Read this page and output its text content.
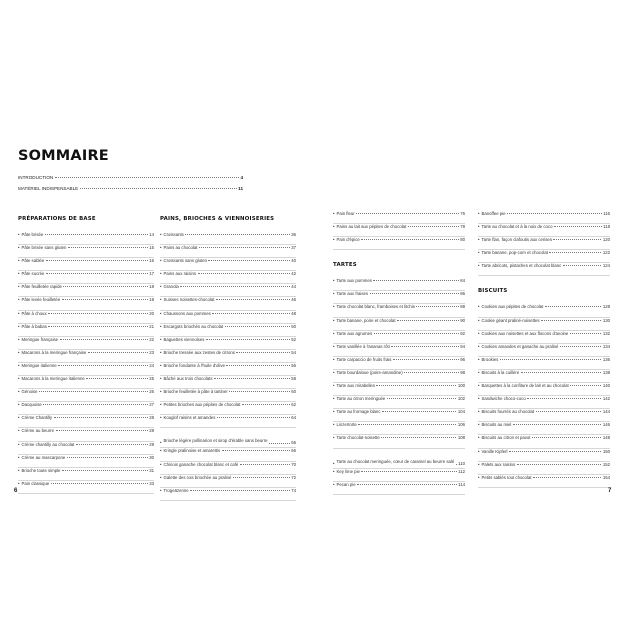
SOMMAIRE
INTRODUCTION	4
MATÉRIEL INDISPENSABLE	11
PRÉPARATIONS DE BASE
• Pâte brisée	14
• Pâte brisée sans gluten	15
• Pâte sablée	16
• Pâte sucrée	17
• Pâte feuilletée rapide	18
• Pâte levée feuilletée	19
• Pâte à choux	20
• Pâte à babas	21
• Meringue française	22
• Macarons à la meringue française	23
• Meringue italienne	24
• Macarons à la meringue italienne	25
• Génoise	26
• Dacquoise	27
• Crème Chantilly	28
• Crème au beurre	28
• Crème chantilly au chocolat	29
• Crème au mascarpone	30
• Brioche toute simple	31
• Pain classique	33
PAINS, BRIOCHES & VIENNOISERIES
• Croissants	36
• Pains au chocolat	37
• Croissants sans gluten	40
• Pains aux raisins	42
• Granola	44
• Suisses noisettes-chocolat	46
• Chaussons aux pommes	48
• Escargots briochés au chocolat	50
• Baguettes viennoises	52
• Brioche tressée aux zestes de citrons	54
• Brioche fondante à l'huile d'olive	56
• Bâché aux trois chocolats	58
• Brioche feuilletée à pâte à tartiner	60
• Petites brioches aux pépites de chocolat	62
• Kouglof raisins et amandes	64
• Brioche légère pollinarion et sirop d'érable sans beurre	65
• Kringle pralinoise et amarettis	66
• Chinois ganache chocolat blanc et café	70
• Galette des rois briochée au praliné	72
• Trogeäzenne	74
• Pain fleur	76
• Pains au lait aux pépites de chocolat	78
• Pain d'épice	80
TARTES
• Tarte aux pommes	84
• Tarte aux fraises	86
• Tarte chocolat blanc, framboises et litchis	88
• Tarte banane, poire et chocolat	90
• Tarte aux agrumes	92
• Tarte vanillée à l'ananas rôti	94
• Tarte carpaccio de fruits frais	96
• Tarte bourdaloue (poire-amandine)	98
• Tarte aux mirabelles	100
• Tarte au citron meringuée	102
• Tarte au fromage blanc	104
• Linzertorte	106
• Tarte chocolat-noisette	108
• Tarte au chocolat meringuée, cœur de caramel au beurre salé 110
• Key lime pie	112
• Pecan pie	114
• Banoffee pie	116
• Tarte au chocolat et à la noix de coco	118
• Tarte flan, façon clafoutis aux cerises	120
• Tarte banane, pop-corn et chocolat	122
• Tarte abricots, pistaches et chocolat blanc	124
BISCUITS
• Cookies aux pépites de chocolat	128
• Cookie géant praliné-noisettes	130
• Cookies aux noisettes et aux flocons d'avoine	132
• Cookies amandes et ganache au praliné	134
• Brookies	136
• Biscuits à la cuillère	138
• Barquettes à la confiture de lait et au chocolat	140
• Sandwiche choco-coco	142
• Biscuits fourrés au chocolat	144
• Biscuits au miel	146
• Biscuits au citron et pavot	148
• Vanille Kipferl	150
• Palets aux raisins	152
• Petits sablés tout chocolat	154
6	7
